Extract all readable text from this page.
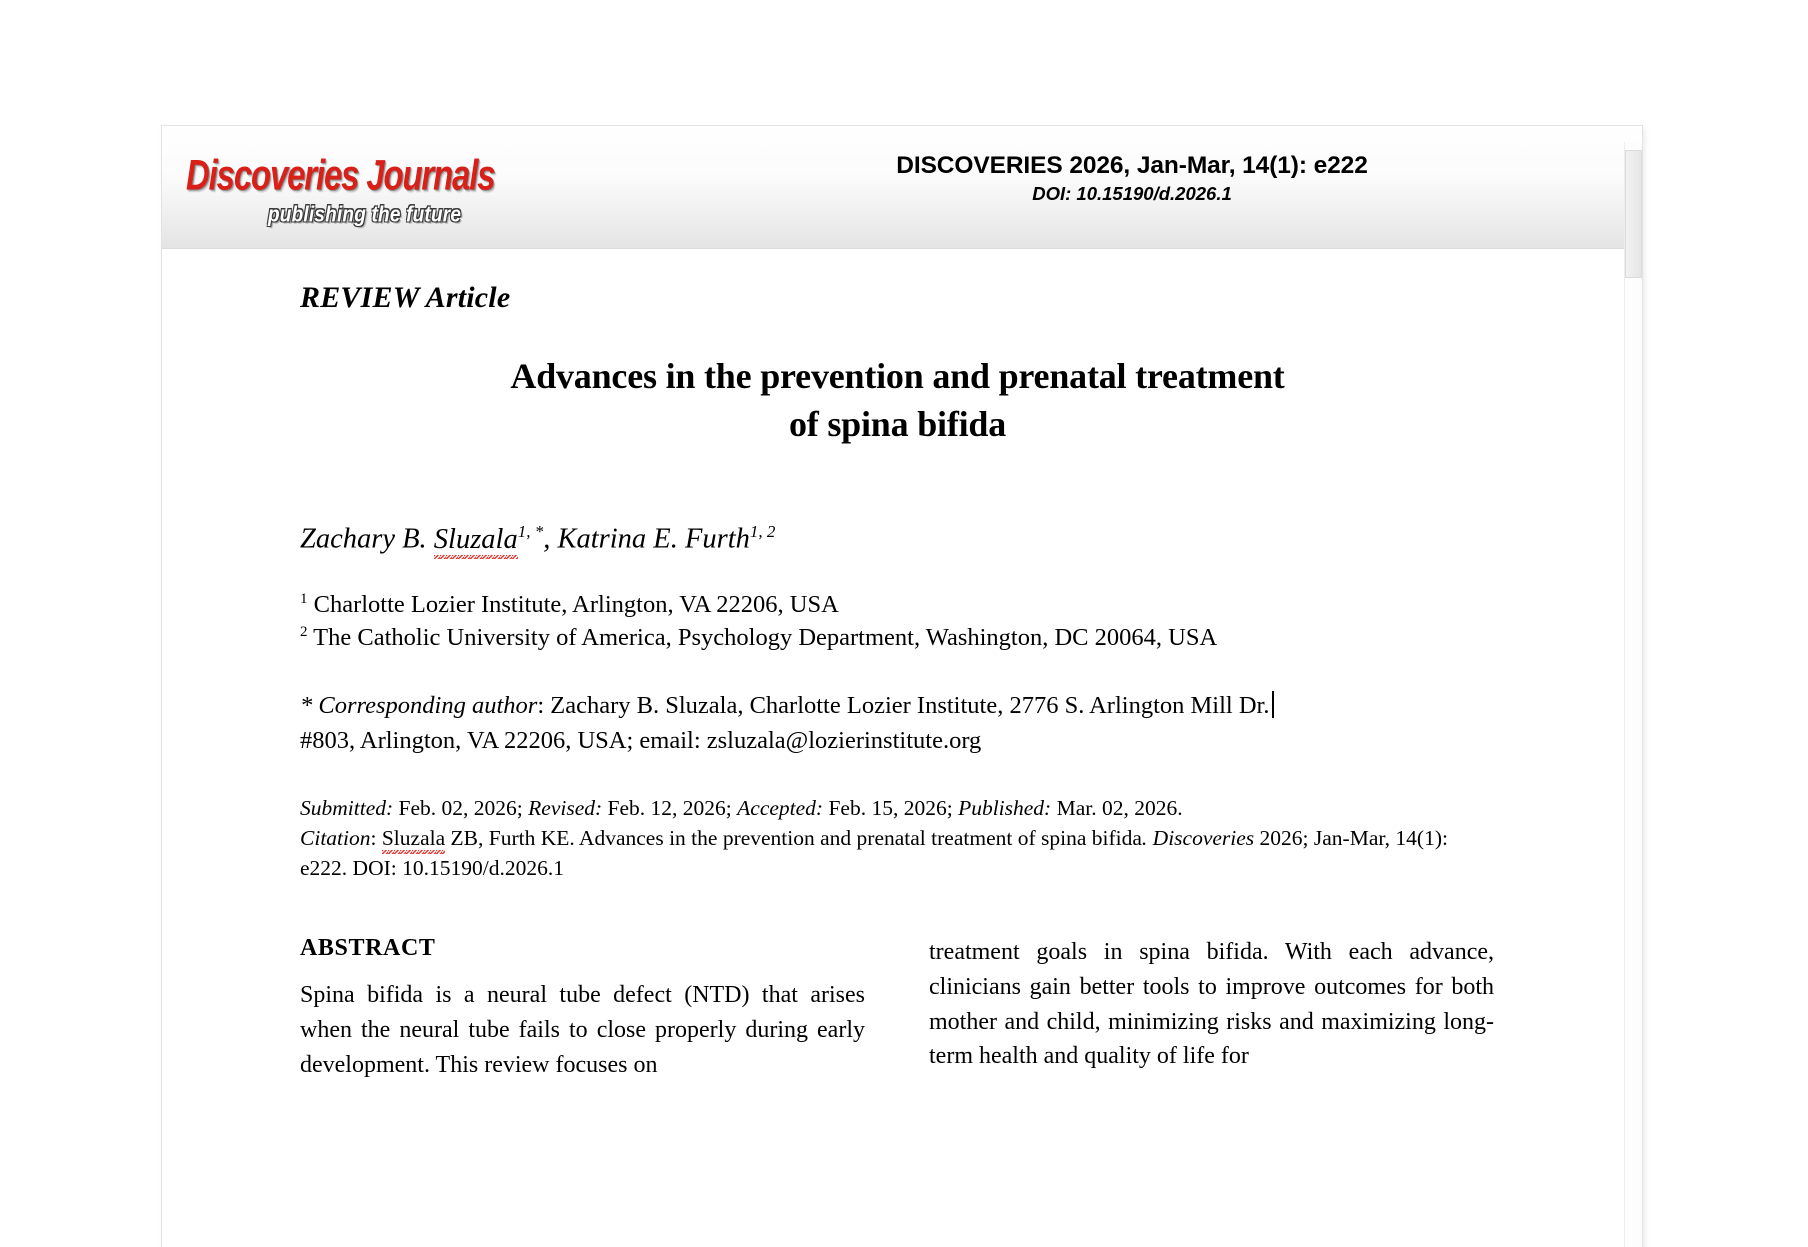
Discoveries Journals
publishing the future
DISCOVERIES 2026, Jan-Mar, 14(1): e222
DOI: 10.15190/d.2026.1
REVIEW Article
Advances in the prevention and prenatal treatment
of spina bifida
Zachary B. Sluzala$^{1, *}$, Katrina E. Furth$^{1, 2}$
$^1$ Charlotte Lozier Institute, Arlington, VA 22206, USA
$^2$ The Catholic University of America, Psychology Department, Washington, DC 20064, USA
* Corresponding author: Zachary B. Sluzala, Charlotte Lozier Institute, 2776 S. Arlington Mill Dr.
#803, Arlington, VA 22206, USA; email: zsluzala@lozierinstitute.org
Submitted: Feb. 02, 2026; Revised: Feb. 12, 2026; Accepted: Feb. 15, 2026; Published: Mar. 02, 2026.
Citation: Sluzala ZB, Furth KE. Advances in the prevention and prenatal treatment of spina bifida. Discoveries 2026; Jan-Mar, 14(1): e222. DOI: 10.15190/d.2026.1
ABSTRACT
Spina bifida is a neural tube defect (NTD) that arises when the neural tube fails to close properly during early development. This review focuses on
treatment goals in spina bifida. With each advance, clinicians gain better tools to improve outcomes for both mother and child, minimizing risks and maximizing long-term health and quality of life for
